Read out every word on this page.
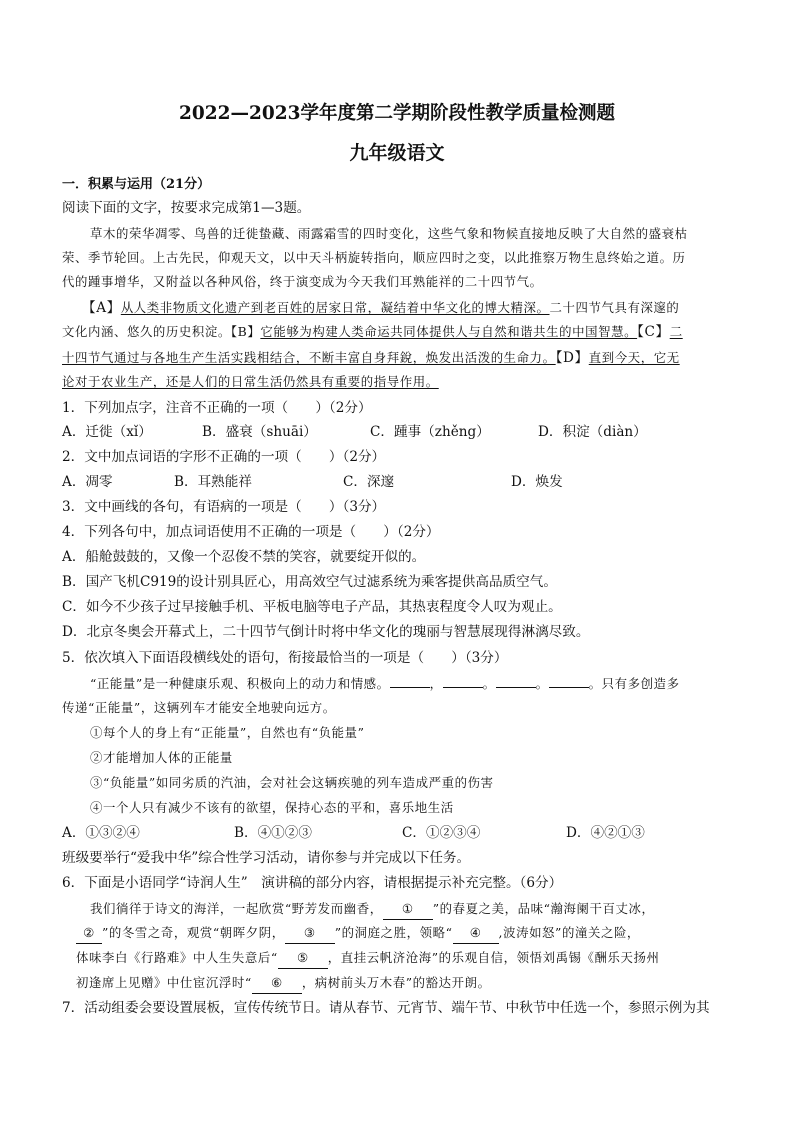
2022—2023学年度第二学期阶段性教学质量检测题
九年级语文
一．积累与运用（21分）
阅读下面的文字，按要求完成第1—3题。
草木的荣华凋零、鸟兽的迁徙蛰藏、雨露霜雪的四时变化，这些气象和物候直接地反映了大自然的盛衰枯
荣、季节轮回。上古先民，仰观天文，以中天斗柄旋转指向，顺应四时之变，以此推察万物生息终始之道。历
代的踵事增华，又附益以各种风俗，终于演变成为今天我们耳熟能祥的二十四节气。
【A】从人类非物质文化遗产到老百姓的居家日常，凝结着中华文化的博大精深。二十四节气具有深邃的
文化内涵、悠久的历史积淀。【B】它能够为构建人类命运共同体提供人与自然和谐共生的中国智慧。【C】二
十四节气通过与各地生产生活实践相结合，不断丰富自身拜銳，焕发出活泼的生命力。【D】直到今天，它无
论对于农业生产，还是人们的日常生活仍然具有重要的指导作用。
1．下列加点字，注音不正确的一项（　　）（2分）
A．迁徙（xǐ）	B．盛衰（shuāi）	C．踵事（zhěng）	D．积淀（diàn）
2．文中加点词语的字形不正确的一项（　　）（2分）
A．凋零	B．耳熟能祥	C．深邃	D．焕发
3．文中画线的各句，有语病的一项是（　　）（3分）
4．下列各句中，加点词语使用不正确的一项是（　　）（2分）
A．船舱鼓鼓的，又像一个忍俊不禁的笑容，就要绽开似的。
B．国产飞机C919的设计别具匠心，用高效空气过滤系统为乘客提供高品质空气。
C．如今不少孩子过早接触手机、平板电脑等电子产品，其热衷程度令人叹为观止。
D．北京冬奥会开幕式上，二十四节气倒计时将中华文化的瑰丽与智慧展现得淋漓尽致。
5．依次填入下面语段横线处的语句，衔接最恰当的一项是（　　）（3分）
“正能量”是一种健康乐观、积极向上的动力和情感。	，	。	。	。只有多创造多
传递“正能量”，这辆列车才能安全地驶向远方。
①每个人的身上有“正能量”，自然也有“负能量”
②才能增加人体的正能量
③“负能量”如同劣质的汽油，会对社会这辆疾驰的列车造成严重的伤害
④一个人只有减少不该有的欲望，保持心态的平和，喜乐地生活
A．①③②④	B．④①②③	C．①②③④	D．④②①③
班级要举行“爱我中华”综合性学习活动，请你参与并完成以下任务。
6．下面是小语同学“诗润人生”　演讲稿的部分内容，请根据提示补充完整。（6分）
我们徜徉于诗文的海洋，一起欣赏“野芳发而幽香， ① ”的春夏之美，品味“瀚海阑干百丈冰，
② ”的冬雪之奇，观赏“朝晖夕阴， ③ ”的洞庭之胜，领略“ ④ ,波涛如怒”的潼关之险，
体味李白《行路难》中人生失意后“ ⑤ ，直挂云帆济沧海”的乐观自信，领悟刘禹锡《酬乐天扬州
初逢席上见赠》中仕宦沉浮时“ ⑥ ，病树前头万木春”的豁达开朗。
7．活动组委会要设置展板，宣传传统节日。请从春节、元宵节、端午节、中秋节中任选一个，参照示例为其
